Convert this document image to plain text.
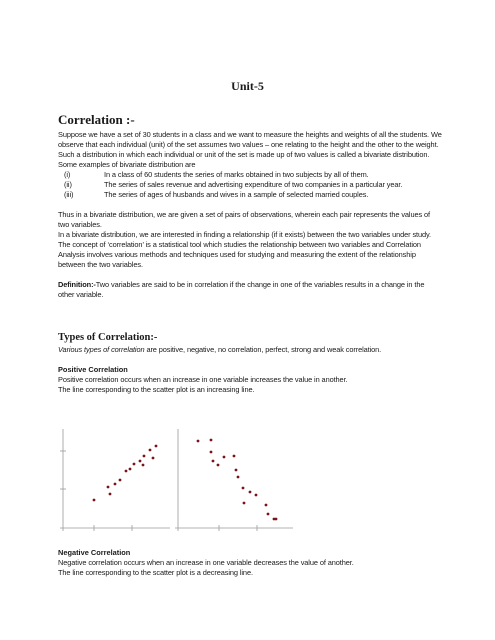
Unit-5
Correlation :-

Suppose we have a set of 30 students in a class and we want to measure the heights and weights of all the students. We observe that each individual (unit) of the set assumes two values – one relating to the height and the other to the weight. Such a distribution in which each individual or unit of the set is made up of two values is called a bivariate distribution. Some examples of bivariate distribution are

(i)	In a class of 60 students the series of marks obtained in two subjects by all of them.
(ii)	The series of sales revenue and advertising expenditure of two companies in a particular year.
(iii)	The series of ages of husbands and wives in a sample of selected married couples.

Thus in a bivariate distribution, we are given a set of pairs of observations, wherein each pair represents the values of two variables.

In a bivariate distribution, we are interested in finding a relationship (if it exists) between the two variables under study. The concept of ‘correlation’ is a statistical tool which studies the relationship between two variables and Correlation Analysis involves various methods and techniques used for studying and measuring the extent of the relationship between the two variables.

Definition:-Two variables are said to be in correlation if the change in one of the variables results in a change in the other variable.

Types of Correlation:-

Various types of correlation are positive, negative, no correlation, perfect, strong and weak correlation.

Positive Correlation

Positive correlation occurs when an increase in one variable increases the value in another.

The line corresponding to the scatter plot is an increasing line.

Negative Correlation

Negative correlation occurs when an increase in one variable decreases the value of another.

The line corresponding to the scatter plot is a decreasing line.
